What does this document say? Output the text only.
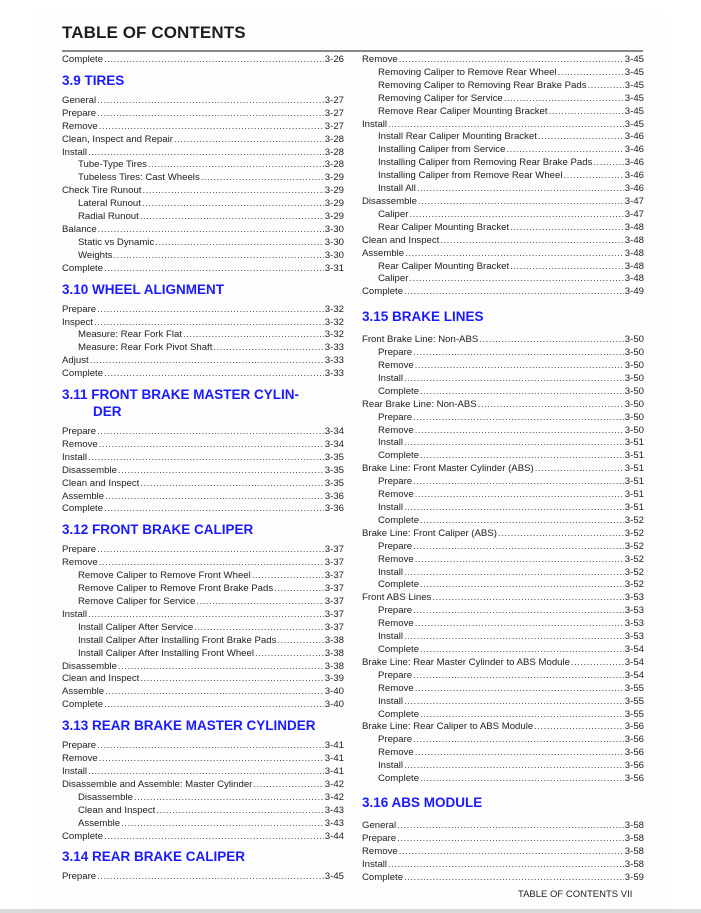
TABLE OF CONTENTS
Complete .....	3-26
3.9 TIRES
General .....	3-27
Prepare .....	3-27
Remove .....	3-27
Clean, Inspect and Repair .....	3-28
Install .....	3-28
Tube-Type Tires .....	3-28
Tubeless Tires: Cast Wheels .....	3-29
Check Tire Runout .....	3-29
Lateral Runout .....	3-29
Radial Runout .....	3-29
Balance .....	3-30
Static vs Dynamic .....	3-30
Weights .....	3-30
Complete .....	3-31
3.10 WHEEL ALIGNMENT
Prepare .....	3-32
Inspect .....	3-32
Measure: Rear Fork Flat .....	3-32
Measure: Rear Fork Pivot Shaft .....	3-33
Adjust .....	3-33
Complete .....	3-33
3.11 FRONT BRAKE MASTER CYLIN-
DER
Prepare .....	3-34
Remove .....	3-34
Install .....	3-35
Disassemble .....	3-35
Clean and Inspect .....	3-35
Assemble .....	3-36
Complete .....	3-36
3.12 FRONT BRAKE CALIPER
Prepare .....	3-37
Remove .....	3-37
Remove Caliper to Remove Front Wheel .....	3-37
Remove Caliper to Remove Front Brake Pads .....	3-37
Remove Caliper for Service .....	3-37
Install .....	3-37
Install Caliper After Service .....	3-37
Install Caliper After Installing Front Brake Pads .....	3-38
Install Caliper After Installing Front Wheel .....	3-38
Disassemble .....	3-38
Clean and Inspect .....	3-39
Assemble .....	3-40
Complete .....	3-40
3.13 REAR BRAKE MASTER CYLINDER
Prepare .....	3-41
Remove .....	3-41
Install .....	3-41
Disassemble and Assemble: Master Cylinder .....	3-42
Disassemble .....	3-42
Clean and Inspect .....	3-43
Assemble .....	3-43
Complete .....	3-44
3.14 REAR BRAKE CALIPER
Prepare .....	3-45
Remove .....	3-45
Removing Caliper to Remove Rear Wheel .....	3-45
Removing Caliper to Removing Rear Brake Pads .....	3-45
Removing Caliper for Service .....	3-45
Remove Rear Caliper Mounting Bracket .....	3-45
Install .....	3-45
Install Rear Caliper Mounting Bracket .....	3-46
Installing Caliper from Service .....	3-46
Installing Caliper from Removing Rear Brake Pads .....	3-46
Installing Caliper from Remove Rear Wheel .....	3-46
Install All .....	3-46
Disassemble .....	3-47
Caliper .....	3-47
Rear Caliper Mounting Bracket .....	3-48
Clean and Inspect .....	3-48
Assemble .....	3-48
Rear Caliper Mounting Bracket .....	3-48
Caliper .....	3-48
Complete .....	3-49
3.15 BRAKE LINES
Front Brake Line: Non-ABS .....	3-50
Prepare .....	3-50
Remove .....	3-50
Install .....	3-50
Complete .....	3-50
Rear Brake Line: Non-ABS .....	3-50
Prepare .....	3-50
Remove .....	3-50
Install .....	3-51
Complete .....	3-51
Brake Line: Front Master Cylinder (ABS) .....	3-51
Prepare .....	3-51
Remove .....	3-51
Install .....	3-51
Complete .....	3-52
Brake Line: Front Caliper (ABS) .....	3-52
Prepare .....	3-52
Remove .....	3-52
Install .....	3-52
Complete .....	3-52
Front ABS Lines .....	3-53
Prepare .....	3-53
Remove .....	3-53
Install .....	3-53
Complete .....	3-54
Brake Line: Rear Master Cylinder to ABS Module .....	3-54
Prepare .....	3-54
Remove .....	3-55
Install .....	3-55
Complete .....	3-55
Brake Line: Rear Caliper to ABS Module .....	3-56
Prepare .....	3-56
Remove .....	3-56
Install .....	3-56
Complete .....	3-56
3.16 ABS MODULE
General .....	3-58
Prepare .....	3-58
Remove .....	3-58
Install .....	3-58
Complete .....	3-59
TABLE OF CONTENTS VII
